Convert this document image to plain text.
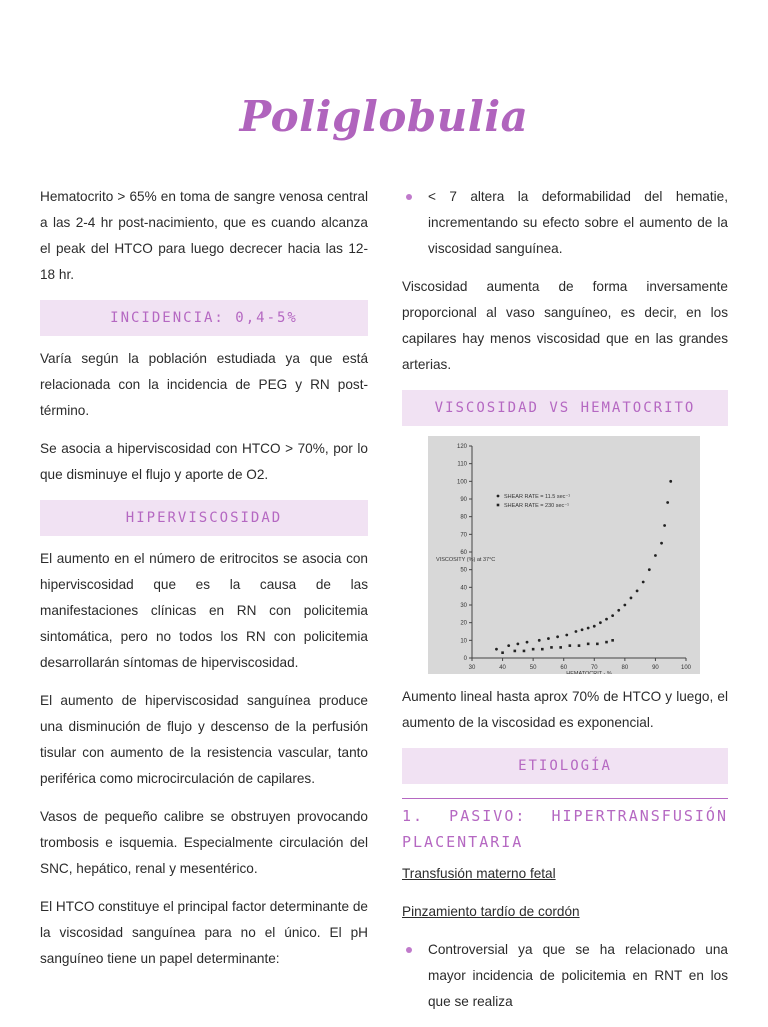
Poliglobulia

Hematocrito > 65% en toma de sangre venosa central a las 2-4 hr post-nacimiento, que es cuando alcanza el peak del HTCO para luego decrecer hacia las 12-18 hr.

INCIDENCIA: 0,4-5%

Varía según la población estudiada ya que está relacionada con la incidencia de PEG y RN post-término.

Se asocia a hiperviscosidad con HTCO > 70%, por lo que disminuye el flujo y aporte de O2.

HIPERVISCOSIDAD

El aumento en el número de eritrocitos se asocia con hiperviscosidad que es la causa de las manifestaciones clínicas en RN con policitemia sintomática, pero no todos los RN con policitemia desarrollarán síntomas de hiperviscosidad.

El aumento de hiperviscosidad sanguínea produce una disminución de flujo y descenso de la perfusión tisular con aumento de la resistencia vascular, tanto periférica como microcirculación de capilares.

Vasos de pequeño calibre se obstruyen provocando trombosis e isquemia. Especialmente circulación del SNC, hepático, renal y mesentérico.

El HTCO constituye el principal factor determinante de la viscosidad sanguínea para no el único. El pH sanguíneo tiene un papel determinante:

< 7 altera la deformabilidad del hematie, incrementando su efecto sobre el aumento de la viscosidad sanguínea.

Viscosidad aumenta de forma inversamente proporcional al vaso sanguíneo, es decir, en los capilares hay menos viscosidad que en las grandes arterias.

VISCOSIDAD VS HEMATOCRITO
30	40	50	60	70	80	90	100
0
10
20
30
40
50
60
70
80
90
100
110
120
HEMATOCRIT - %
VISCOSITY (%) at 37°C
SHEAR RATE = 11.5 sec⁻¹
SHEAR RATE = 230 sec⁻¹

Aumento lineal hasta aprox 70% de HTCO y luego, el aumento de la viscosidad es exponencial.

ETIOLOGÍA
1. PASIVO: HIPERTRANSFUSIÓN PLACENTARIA
Transfusión materno fetal
Pinzamiento tardío de cordón
Controversial ya que se ha relacionado una mayor incidencia de policitemia en RNT en los que se realiza
